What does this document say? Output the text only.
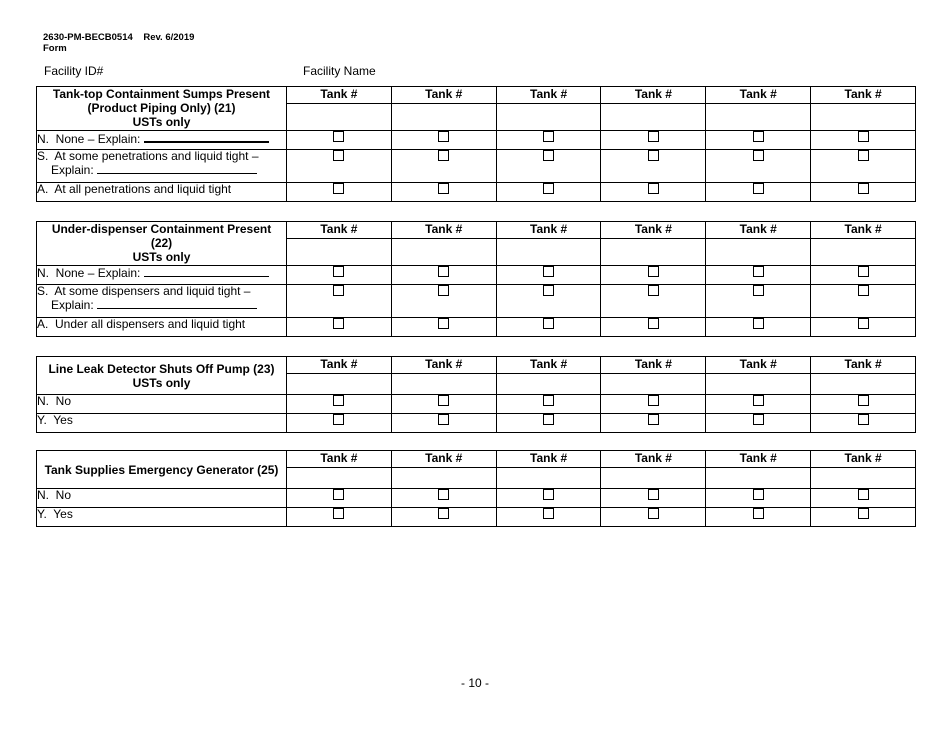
2630-PM-BECB0514 Rev. 6/2019
Form
Facility ID#	Facility Name
Tank-top Containment Sumps Present
(Product Piping Only) (21)
USTs only	Tank #	Tank #	Tank #	Tank #	Tank #	Tank #

N. None – Explain:						
S. At some penetrations and liquid tight –
Explain:						
A. At all penetrations and liquid tight						
Under-dispenser Containment Present
(22)
USTs only	Tank #	Tank #	Tank #	Tank #	Tank #	Tank #

N. None – Explain:						
S. At some dispensers and liquid tight –
Explain:						
A. Under all dispensers and liquid tight						
Line Leak Detector Shuts Off Pump (23)
USTs only	Tank #	Tank #	Tank #	Tank #	Tank #	Tank #

N. No						
Y. Yes						
Tank Supplies Emergency Generator (25)	Tank #	Tank #	Tank #	Tank #	Tank #	Tank #

N. No						
Y. Yes						
- 10 -
